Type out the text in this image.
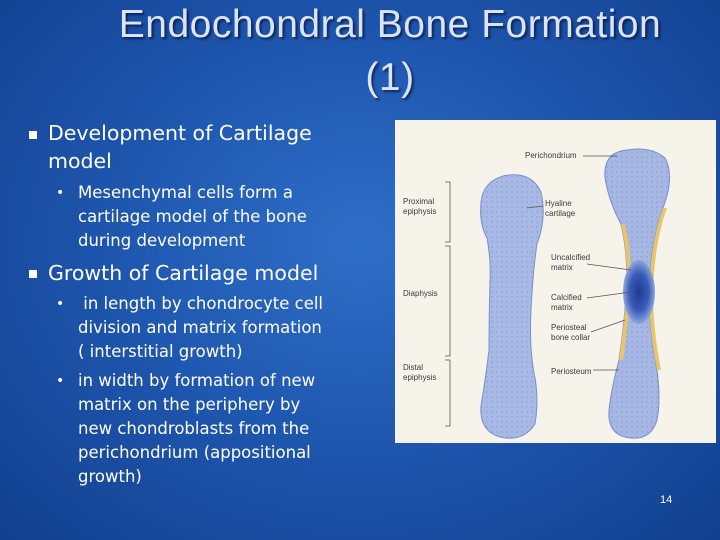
Endochondral Bone Formation
(1)
Development of Cartilage
model
• Mesenchymal cells form a
cartilage model of the bone
during development
Growth of Cartilage model
• in length by chondrocyte cell
division and matrix formation
( interstitial growth)
• in width by formation of new
matrix on the periphery by
new chondroblasts from the
perichondrium (appositional
growth)
Proximal
epiphysis
Diaphysis
Distal
epiphysis
Perichondrium
Hyaline
cartilage
Uncalcified
matrix
Calcified
matrix
Periosteal
bone collar
Periosteum
14
